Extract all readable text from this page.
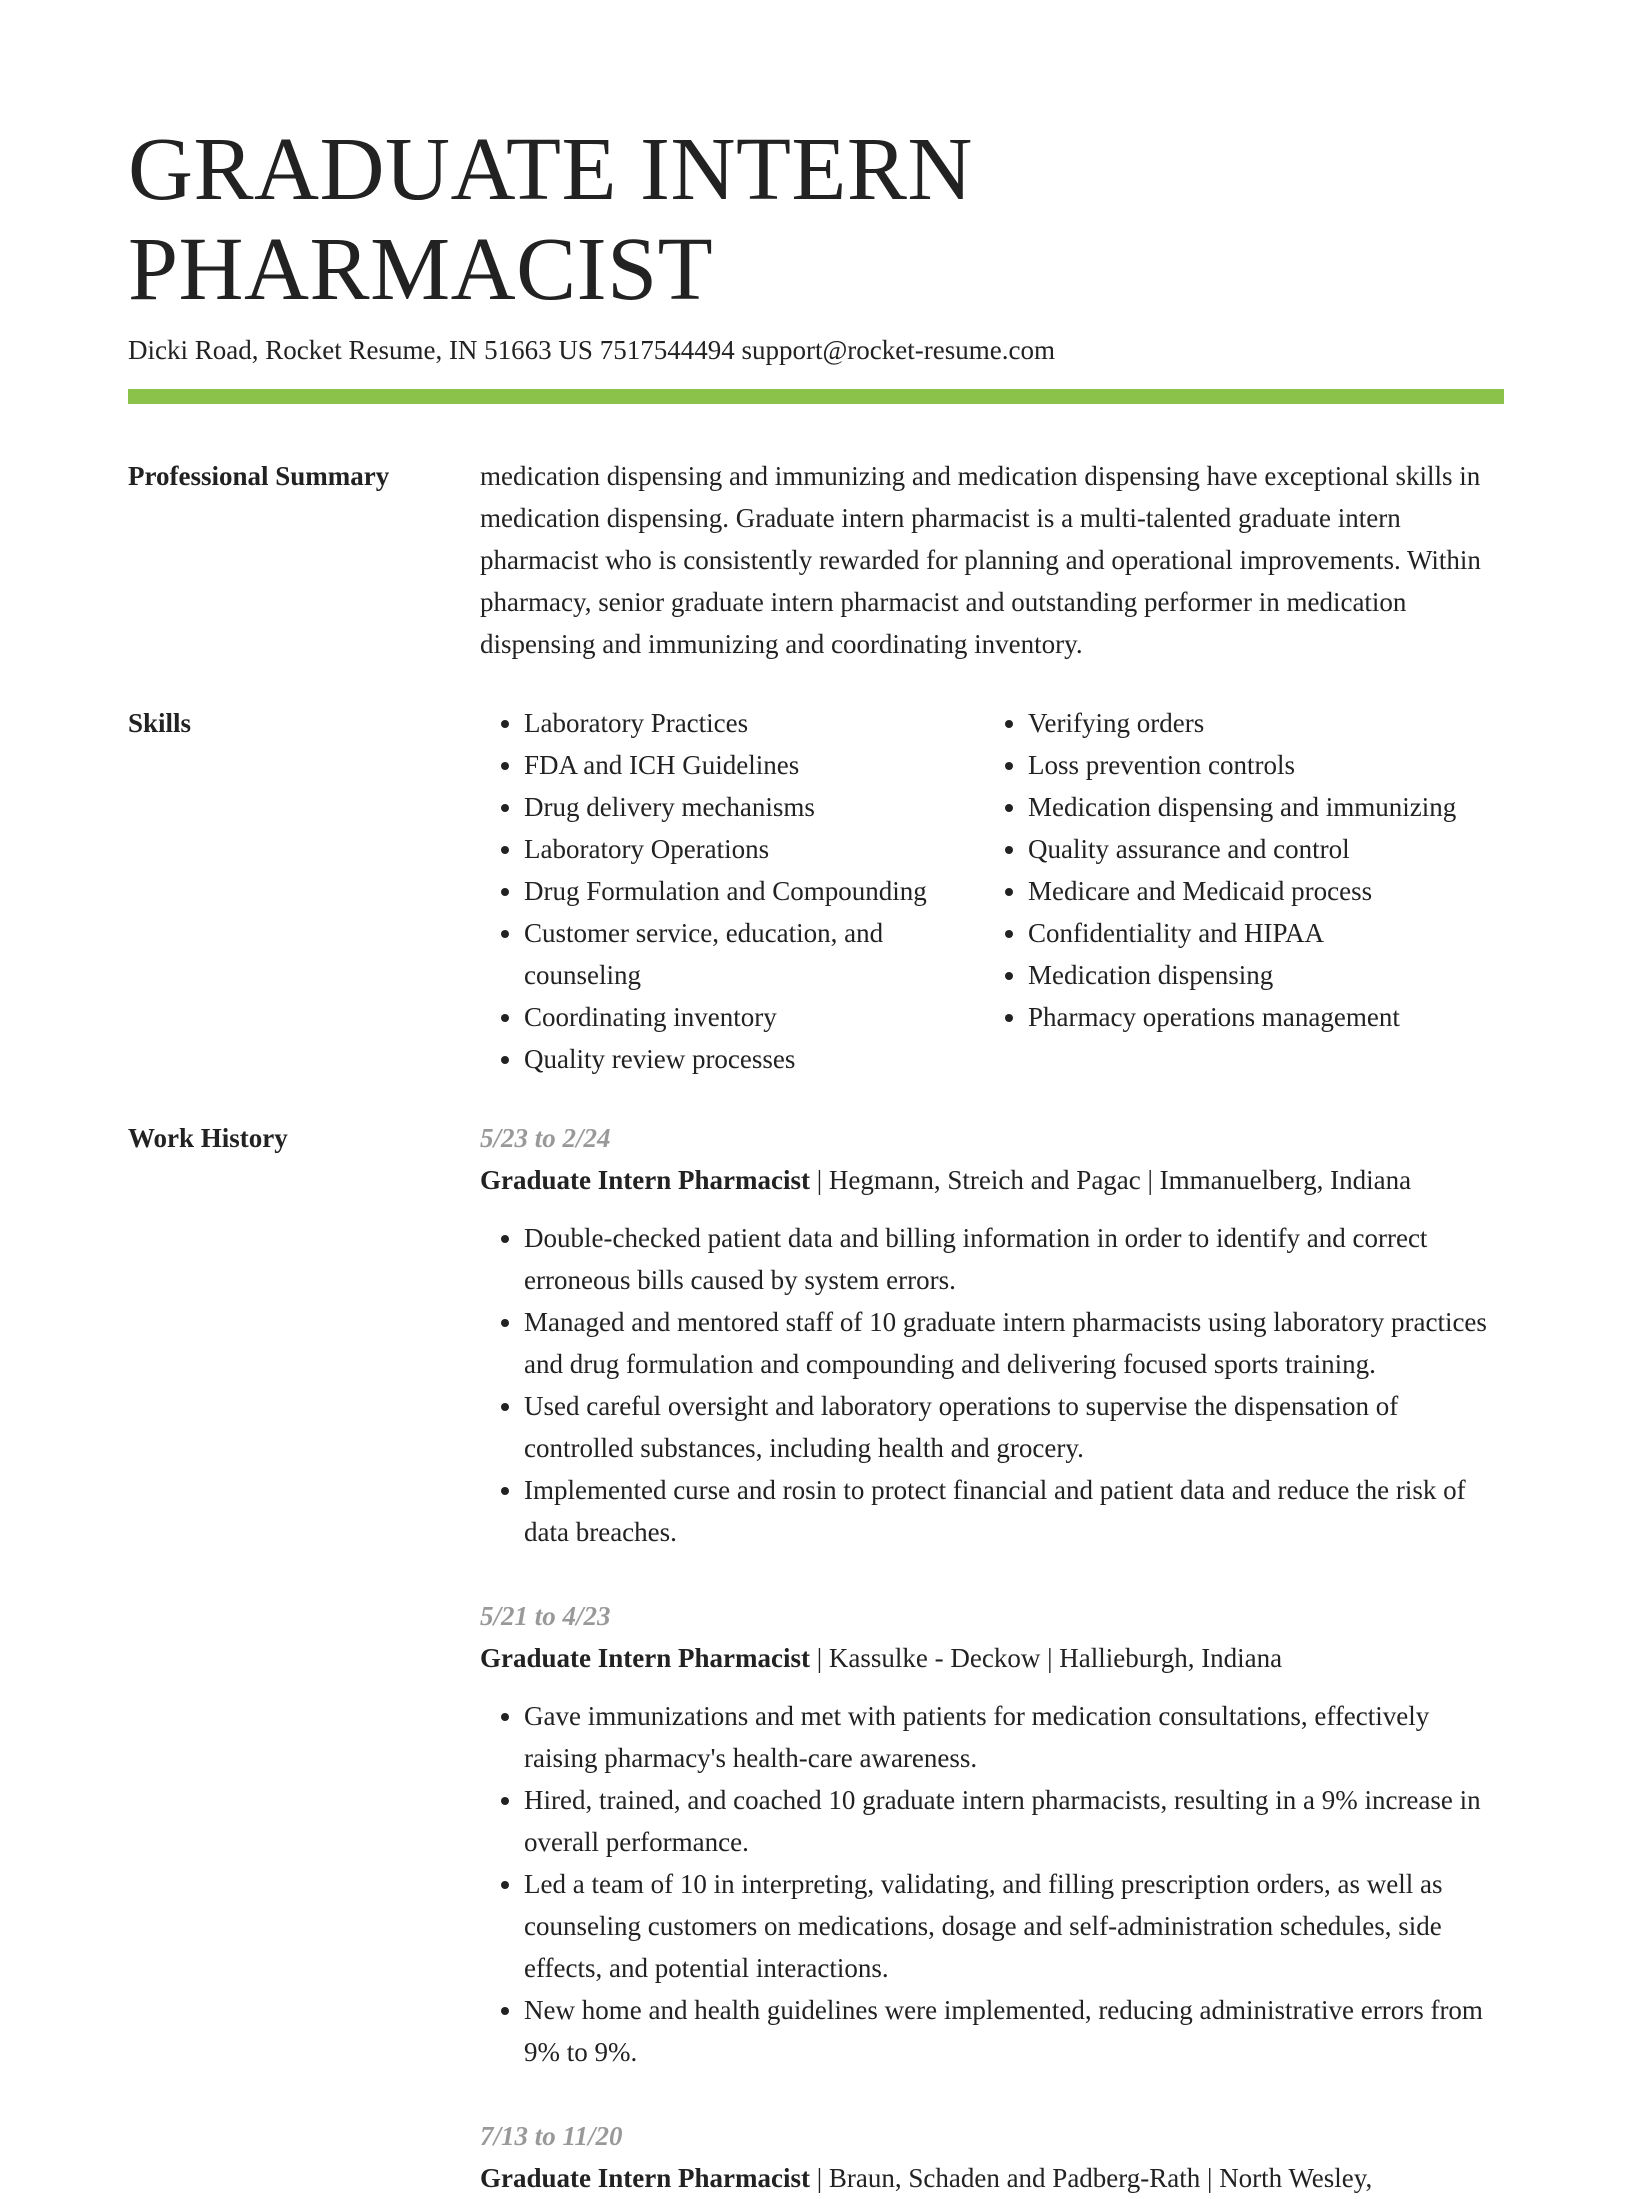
GRADUATE INTERN PHARMACIST
Dicki Road, Rocket Resume, IN 51663 US 7517544494 support@rocket-resume.com
Professional Summary	medication dispensing and immunizing and medication dispensing have exceptional skills in medication dispensing. Graduate intern pharmacist is a multi-talented graduate intern pharmacist who is consistently rewarded for planning and operational improvements. Within pharmacy, senior graduate intern pharmacist and outstanding performer in medication dispensing and immunizing and coordinating inventory.

Skills
•	Laboratory Practices
• FDA and ICH Guidelines
• Drug delivery mechanisms
• Laboratory Operations
• Drug Formulation and Compounding
• Customer service, education, and counseling
• Coordinating inventory
• Quality review processes
• Verifying orders
• Loss prevention controls
• Medication dispensing and immunizing
• Quality assurance and control
• Medicare and Medicaid process
• Confidentiality and HIPAA
• Medication dispensing
• Pharmacy operations management
Work History	5/23 to 2/24
Graduate Intern Pharmacist | Hegmann, Streich and Pagac | Immanuelberg, Indiana
• Double-checked patient data and billing information in order to identify and correct erroneous bills caused by system errors.
• Managed and mentored staff of 10 graduate intern pharmacists using laboratory practices and drug formulation and compounding and delivering focused sports training.
• Used careful oversight and laboratory operations to supervise the dispensation of controlled substances, including health and grocery.
• Implemented curse and rosin to protect financial and patient data and reduce the risk of data breaches.
5/21 to 4/23
Graduate Intern Pharmacist | Kassulke - Deckow | Hallieburgh, Indiana
• Gave immunizations and met with patients for medication consultations, effectively raising pharmacy's health-care awareness.
• Hired, trained, and coached 10 graduate intern pharmacists, resulting in a 9% increase in overall performance.
• Led a team of 10 in interpreting, validating, and filling prescription orders, as well as counseling customers on medications, dosage and self-administration schedules, side effects, and potential interactions.
• New home and health guidelines were implemented, reducing administrative errors from 9% to 9%.
7/13 to 11/20
Graduate Intern Pharmacist | Braun, Schaden and Padberg-Rath | North Wesley,
